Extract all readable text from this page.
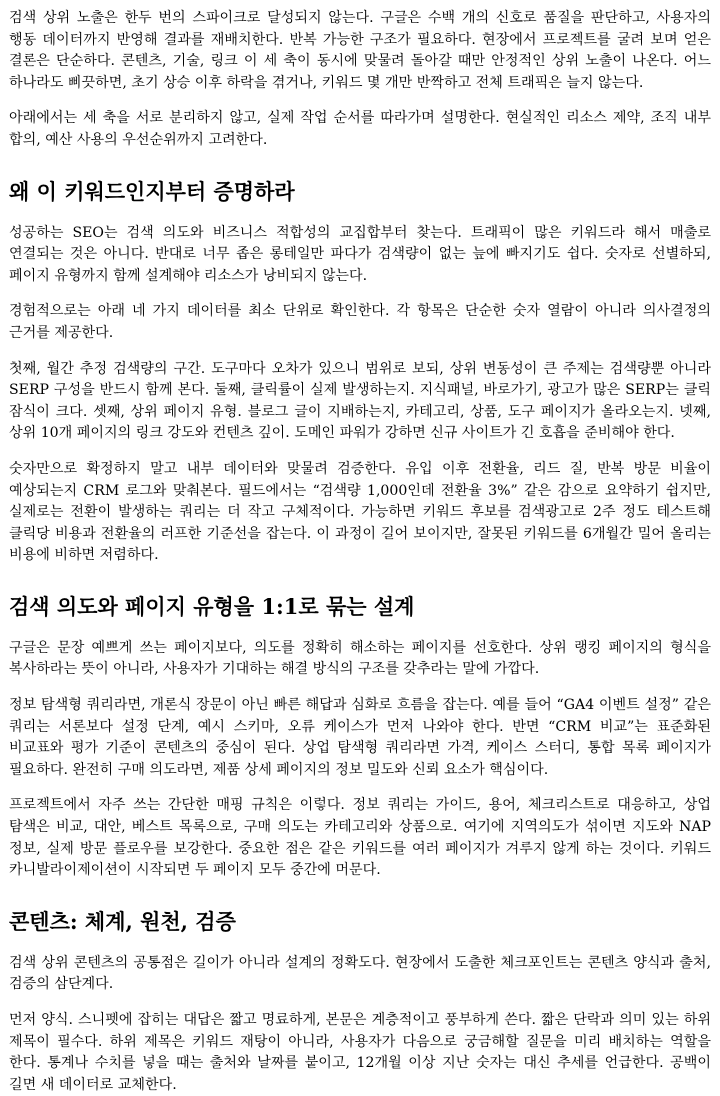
검색 상위 노출은 한두 번의 스파이크로 달성되지 않는다. 구글은 수백 개의 신호로 품질을 판단하고, 사용자의 행동 데이터까지 반영해 결과를 재배치한다. 반복 가능한 구조가 필요하다. 현장에서 프로젝트를 굴려 보며 얻은 결론은 단순하다. 콘텐츠, 기술, 링크 이 세 축이 동시에 맞물려 돌아갈 때만 안정적인 상위 노출이 나온다. 어느 하나라도 삐끗하면, 초기 상승 이후 하락을 겪거나, 키워드 몇 개만 반짝하고 전체 트래픽은 늘지 않는다.

아래에서는 세 축을 서로 분리하지 않고, 실제 작업 순서를 따라가며 설명한다. 현실적인 리소스 제약, 조직 내부 합의, 예산 사용의 우선순위까지 고려한다.

왜 이 키워드인지부터 증명하라

성공하는 SEO는 검색 의도와 비즈니스 적합성의 교집합부터 찾는다. 트래픽이 많은 키워드라 해서 매출로 연결되는 것은 아니다. 반대로 너무 좁은 롱테일만 파다가 검색량이 없는 늪에 빠지기도 쉽다. 숫자로 선별하되, 페이지 유형까지 함께 설계해야 리소스가 낭비되지 않는다.

경험적으로는 아래 네 가지 데이터를 최소 단위로 확인한다. 각 항목은 단순한 숫자 열람이 아니라 의사결정의 근거를 제공한다.

첫째, 월간 추정 검색량의 구간. 도구마다 오차가 있으니 범위로 보되, 상위 변동성이 큰 주제는 검색량뿐 아니라 SERP 구성을 반드시 함께 본다. 둘째, 클릭률이 실제 발생하는지. 지식패널, 바로가기, 광고가 많은 SERP는 클릭 잠식이 크다. 셋째, 상위 페이지 유형. 블로그 글이 지배하는지, 카테고리, 상품, 도구 페이지가 올라오는지. 넷째, 상위 10개 페이지의 링크 강도와 컨텐츠 깊이. 도메인 파워가 강하면 신규 사이트가 긴 호흡을 준비해야 한다.

숫자만으로 확정하지 말고 내부 데이터와 맞물려 검증한다. 유입 이후 전환율, 리드 질, 반복 방문 비율이 예상되는지 CRM 로그와 맞춰본다. 필드에서는 “검색량 1,000인데 전환율 3%” 같은 감으로 요약하기 쉽지만, 실제로는 전환이 발생하는 쿼리는 더 작고 구체적이다. 가능하면 키워드 후보를 검색광고로 2주 정도 테스트해 클릭당 비용과 전환율의 러프한 기준선을 잡는다. 이 과정이 길어 보이지만, 잘못된 키워드를 6개월간 밀어 올리는 비용에 비하면 저렴하다.

검색 의도와 페이지 유형을 1:1로 묶는 설계

구글은 문장 예쁘게 쓰는 페이지보다, 의도를 정확히 해소하는 페이지를 선호한다. 상위 랭킹 페이지의 형식을 복사하라는 뜻이 아니라, 사용자가 기대하는 해결 방식의 구조를 갖추라는 말에 가깝다.

정보 탐색형 쿼리라면, 개론식 장문이 아닌 빠른 해답과 심화로 흐름을 잡는다. 예를 들어 “GA4 이벤트 설정” 같은 쿼리는 서론보다 설정 단계, 예시 스키마, 오류 케이스가 먼저 나와야 한다. 반면 “CRM 비교”는 표준화된 비교표와 평가 기준이 콘텐츠의 중심이 된다. 상업 탐색형 쿼리라면 가격, 케이스 스터디, 통합 목록 페이지가 필요하다. 완전히 구매 의도라면, 제품 상세 페이지의 정보 밀도와 신뢰 요소가 핵심이다.

프로젝트에서 자주 쓰는 간단한 매핑 규칙은 이렇다. 정보 쿼리는 가이드, 용어, 체크리스트로 대응하고, 상업 탐색은 비교, 대안, 베스트 목록으로, 구매 의도는 카테고리와 상품으로. 여기에 지역의도가 섞이면 지도와 NAP 정보, 실제 방문 플로우를 보강한다. 중요한 점은 같은 키워드를 여러 페이지가 겨루지 않게 하는 것이다. 키워드 카니발라이제이션이 시작되면 두 페이지 모두 중간에 머문다.

콘텐츠: 체계, 원천, 검증

검색 상위 콘텐츠의 공통점은 길이가 아니라 설계의 정확도다. 현장에서 도출한 체크포인트는 콘텐츠 양식과 출처, 검증의 삼단계다.

먼저 양식. 스니펫에 잡히는 대답은 짧고 명료하게, 본문은 계층적이고 풍부하게 쓴다. 짧은 단락과 의미 있는 하위 제목이 필수다. 하위 제목은 키워드 재탕이 아니라, 사용자가 다음으로 궁금해할 질문을 미리 배치하는 역할을 한다. 통계나 수치를 넣을 때는 출처와 날짜를 붙이고, 12개월 이상 지난 숫자는 대신 추세를 언급한다. 공백이 길면 새 데이터로 교체한다.
